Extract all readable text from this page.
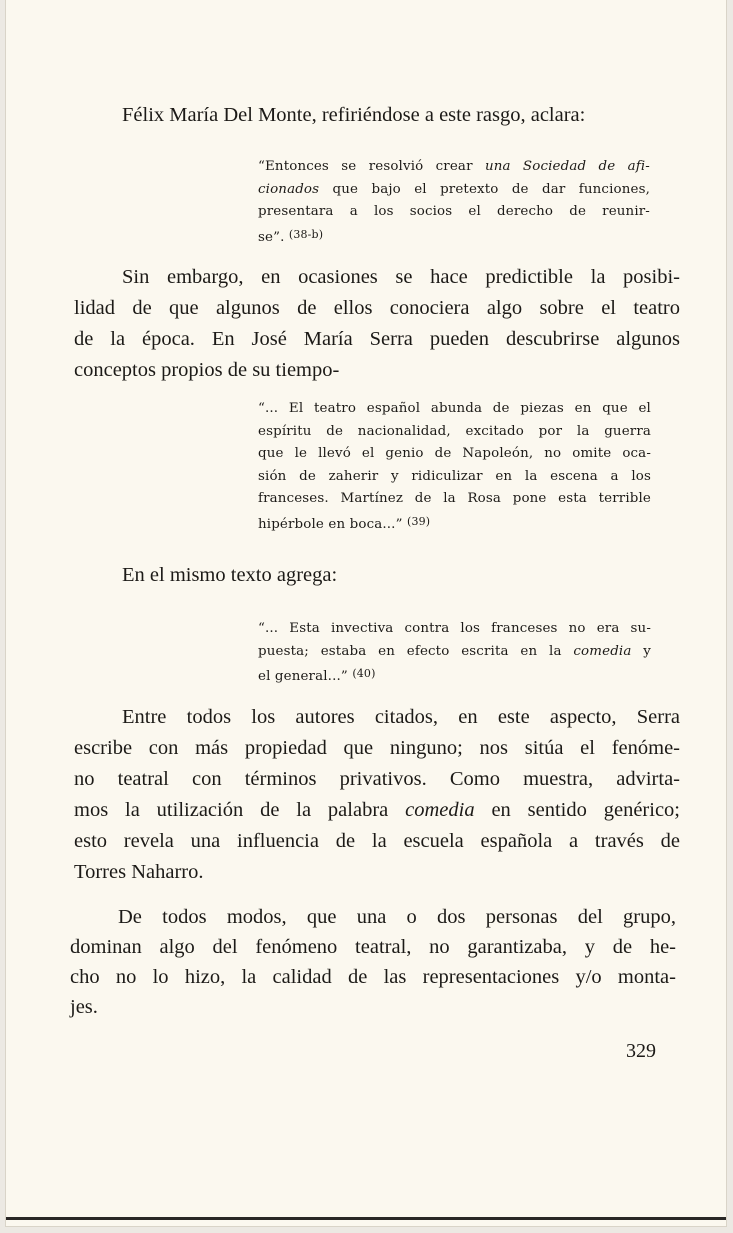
Félix María Del Monte, refiriéndose a este rasgo, aclara:

“Entonces se resolvió crear una Sociedad de afi-
cionados que bajo el pretexto de dar funciones,
presentara a los socios el derecho de reunir-
se”. $^{(38-b)}$
Sin embargo, en ocasiones se hace predictible la posibi-
lidad de que algunos de ellos conociera algo sobre el teatro
de la época. En José María Serra pueden descubrirse algunos
conceptos propios de su tiempo-
“... El teatro español abunda de piezas en que el
espíritu de nacionalidad, excitado por la guerra
que le llevó el genio de Napoleón, no omite oca-
sión de zaherir y ridiculizar en la escena a los
franceses. Martínez de la Rosa pone esta terrible
hipérbole en boca...” $^{(39)}$

En el mismo texto agrega:

“... Esta invectiva contra los franceses no era su-
puesta; estaba en efecto escrita en la comedia y
el general...” $^{(40)}$
Entre todos los autores citados, en este aspecto, Serra
escribe con más propiedad que ninguno; nos sitúa el fenóme-
no teatral con términos privativos. Como muestra, advirta-
mos la utilización de la palabra comedia en sentido genérico;
esto revela una influencia de la escuela española a través de
Torres Naharro.
De todos modos, que una o dos personas del grupo,
dominan algo del fenómeno teatral, no garantizaba, y de he-
cho no lo hizo, la calidad de las representaciones y/o monta-
jes.

329
